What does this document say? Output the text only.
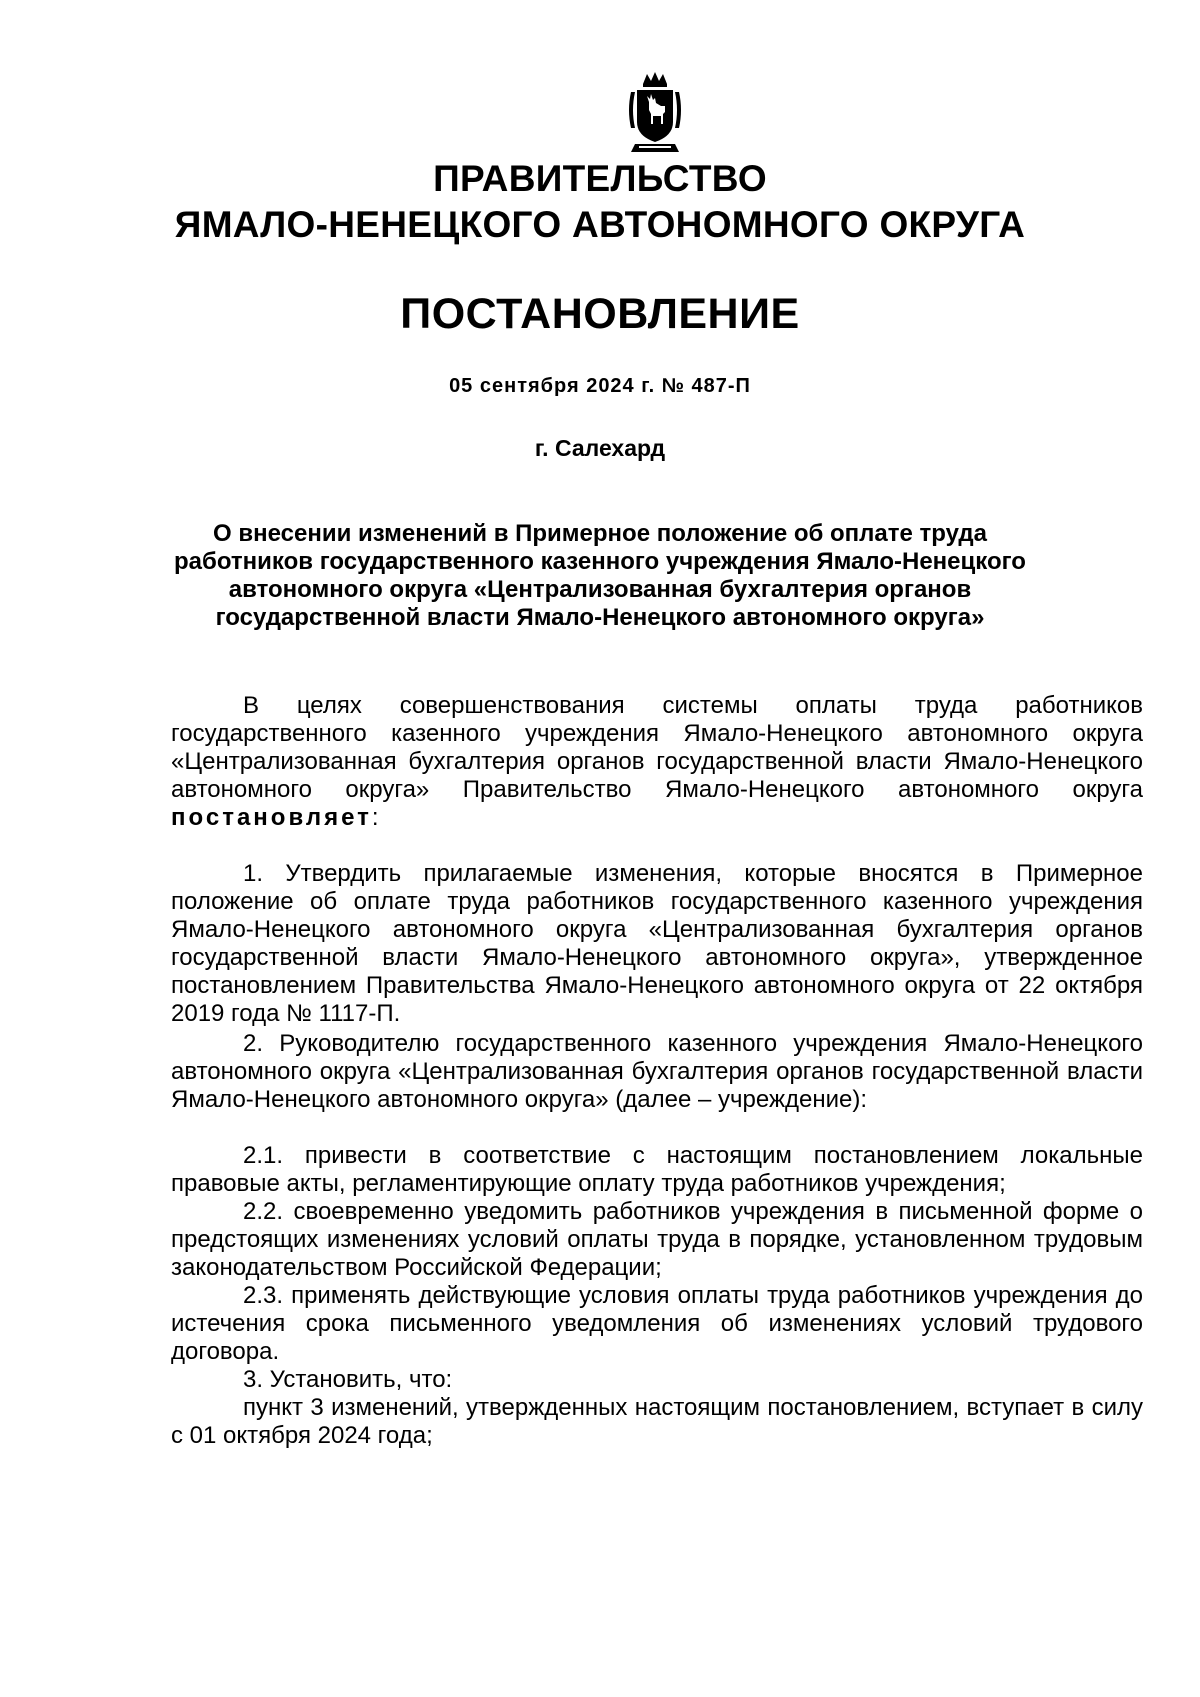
ПРАВИТЕЛЬСТВО
ЯМАЛО-НЕНЕЦКОГО АВТОНОМНОГО ОКРУГА
ПОСТАНОВЛЕНИЕ
05 сентября 2024 г. № 487-П
г. Салехард
О внесении изменений в Примерное положение об оплате труда
работников государственного казенного учреждения Ямало-Ненецкого
автономного округа «Централизованная бухгалтерия органов
государственной власти Ямало-Ненецкого автономного округа»

В целях совершенствования системы оплаты труда работников государственного казенного учреждения Ямало-Ненецкого автономного округа «Централизованная бухгалтерия органов государственной власти Ямало-Ненецкого автономного округа» Правительство Ямало-Ненецкого автономного округа постановляет:

1. Утвердить прилагаемые изменения, которые вносятся в Примерное положение об оплате труда работников государственного казенного учреждения Ямало-Ненецкого автономного округа «Централизованная бухгалтерия органов государственной власти Ямало-Ненецкого автономного округа», утвержденное постановлением Правительства Ямало-Ненецкого автономного округа от 22 октября 2019 года № 1117-П.

2. Руководителю государственного казенного учреждения Ямало-Ненецкого автономного округа «Централизованная бухгалтерия органов государственной власти Ямало-Ненецкого автономного округа» (далее – учреждение):

2.1. привести в соответствие с настоящим постановлением локальные правовые акты, регламентирующие оплату труда работников учреждения;

2.2. своевременно уведомить работников учреждения в письменной форме о предстоящих изменениях условий оплаты труда в порядке, установленном трудовым законодательством Российской Федерации;

2.3. применять действующие условия оплаты труда работников учреждения до истечения срока письменного уведомления об изменениях условий трудового договора.

3. Установить, что:

пункт 3 изменений, утвержденных настоящим постановлением, вступает в силу с 01 октября 2024 года;
